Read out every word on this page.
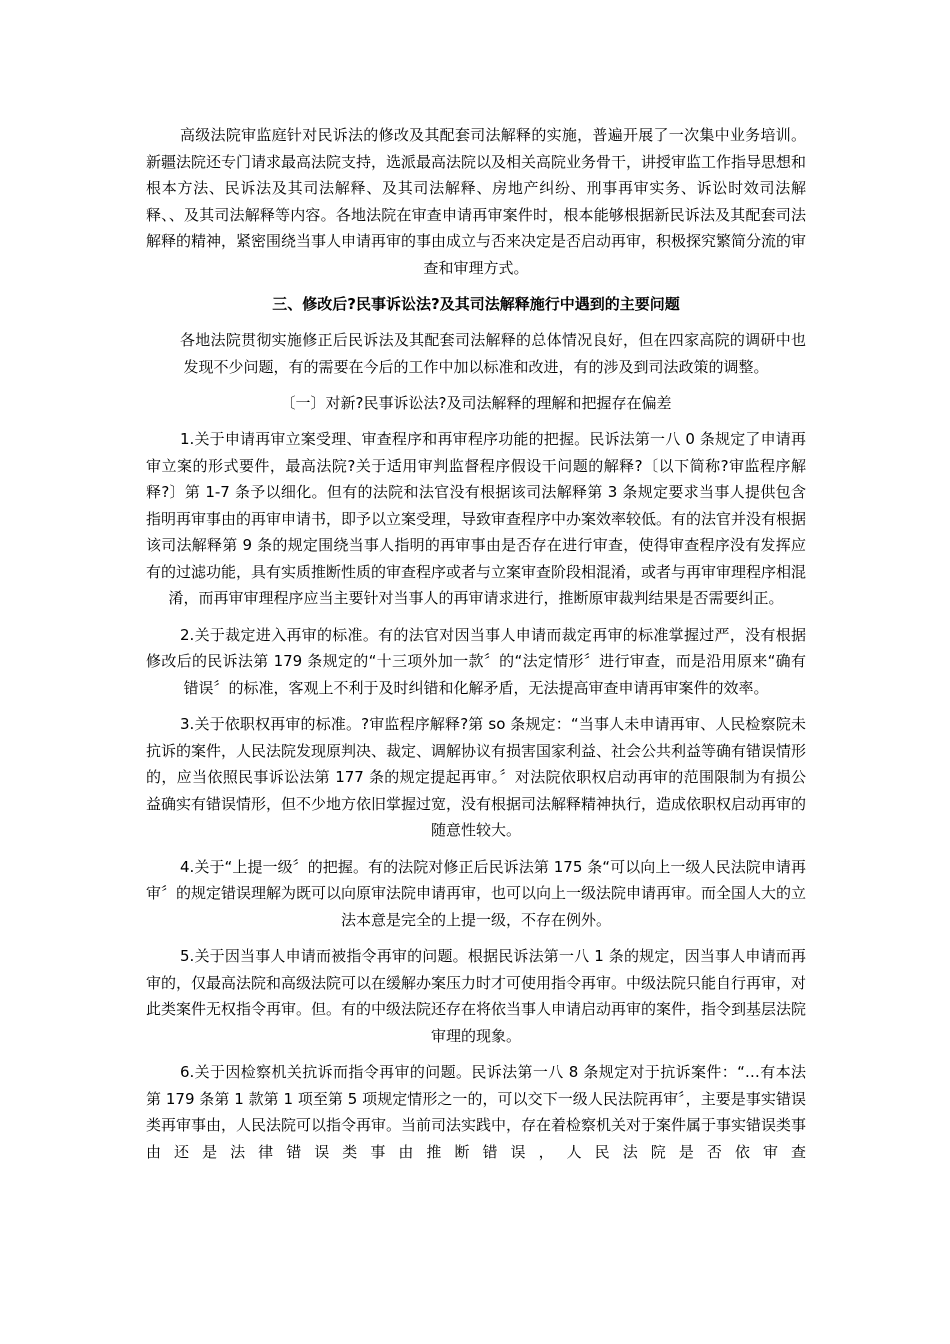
高级法院审监庭针对民诉法的修改及其配套司法解释的实施，普遍开展了一次集中业务培训。新疆法院还专门请求最高法院支持，选派最高法院以及相关高院业务骨干，讲授审监工作指导思想和根本方法、民诉法及其司法解释、及其司法解释、房地产纠纷、刑事再审实务、诉讼时效司法解释、、及其司法解释等内容。各地法院在审查申请再审案件时，根本能够根据新民诉法及其配套司法解释的精神，紧密围绕当事人申请再审的事由成立与否来决定是否启动再审，积极探究繁简分流的审查和审理方式。

三、修改后?民事诉讼法?及其司法解释施行中遇到的主要问题

各地法院贯彻实施修正后民诉法及其配套司法解释的总体情况良好，但在四家高院的调研中也发现不少问题，有的需要在今后的工作中加以标准和改进，有的涉及到司法政策的调整。

〔一〕对新?民事诉讼法?及司法解释的理解和把握存在偏差

1.关于申请再审立案受理、审查程序和再审程序功能的把握。民诉法第一八 0 条规定了申请再审立案的形式要件，最高法院?关于适用审判监督程序假设干问题的解释?〔以下简称?审监程序解释?〕第 1-7 条予以细化。但有的法院和法官没有根据该司法解释第 3 条规定要求当事人提供包含指明再审事由的再审申请书，即予以立案受理，导致审查程序中办案效率较低。有的法官并没有根据该司法解释第 9 条的规定围绕当事人指明的再审事由是否存在进行审查，使得审查程序没有发挥应有的过滤功能，具有实质推断性质的审查程序或者与立案审查阶段相混淆，或者与再审审理程序相混淆，而再审审理程序应当主要针对当事人的再审请求进行，推断原审裁判结果是否需要纠正。

2.关于裁定进入再审的标准。有的法官对因当事人申请而裁定再审的标准掌握过严，没有根据修改后的民诉法第 179 条规定的“十三项外加一款〞的“法定情形〞进行审查，而是沿用原来“确有错误〞的标准，客观上不利于及时纠错和化解矛盾，无法提高审查申请再审案件的效率。

3.关于依职权再审的标准。?审监程序解释?第 so 条规定：“当事人未申请再审、人民检察院未抗诉的案件，人民法院发现原判决、裁定、调解协议有损害国家利益、社会公共利益等确有错误情形的，应当依照民事诉讼法第 177 条的规定提起再审。〞对法院依职权启动再审的范围限制为有损公益确实有错误情形，但不少地方依旧掌握过宽，没有根据司法解释精神执行，造成依职权启动再审的随意性较大。

4.关于“上提一级〞的把握。有的法院对修正后民诉法第 175 条“可以向上一级人民法院申请再审〞的规定错误理解为既可以向原审法院申请再审，也可以向上一级法院申请再审。而全国人大的立法本意是完全的上提一级，不存在例外。

5.关于因当事人申请而被指令再审的问题。根据民诉法第一八 1 条的规定，因当事人申请而再审的，仅最高法院和高级法院可以在缓解办案压力时才可使用指令再审。中级法院只能自行再审，对此类案件无权指令再审。但。有的中级法院还存在将依当事人申请启动再审的案件，指令到基层法院审理的现象。

6.关于因检察机关抗诉而指令再审的问题。民诉法第一八 8 条规定对于抗诉案件：“…有本法第 179 条第 1 款第 1 项至第 5 项规定情形之一的，可以交下一级人民法院再审〞，主要是事实错误类再审事由，人民法院可以指令再审。当前司法实践中，存在着检察机关对于案件属于事实错误类事由还是法律错误类事由推断错误，人民法院是否依审查
